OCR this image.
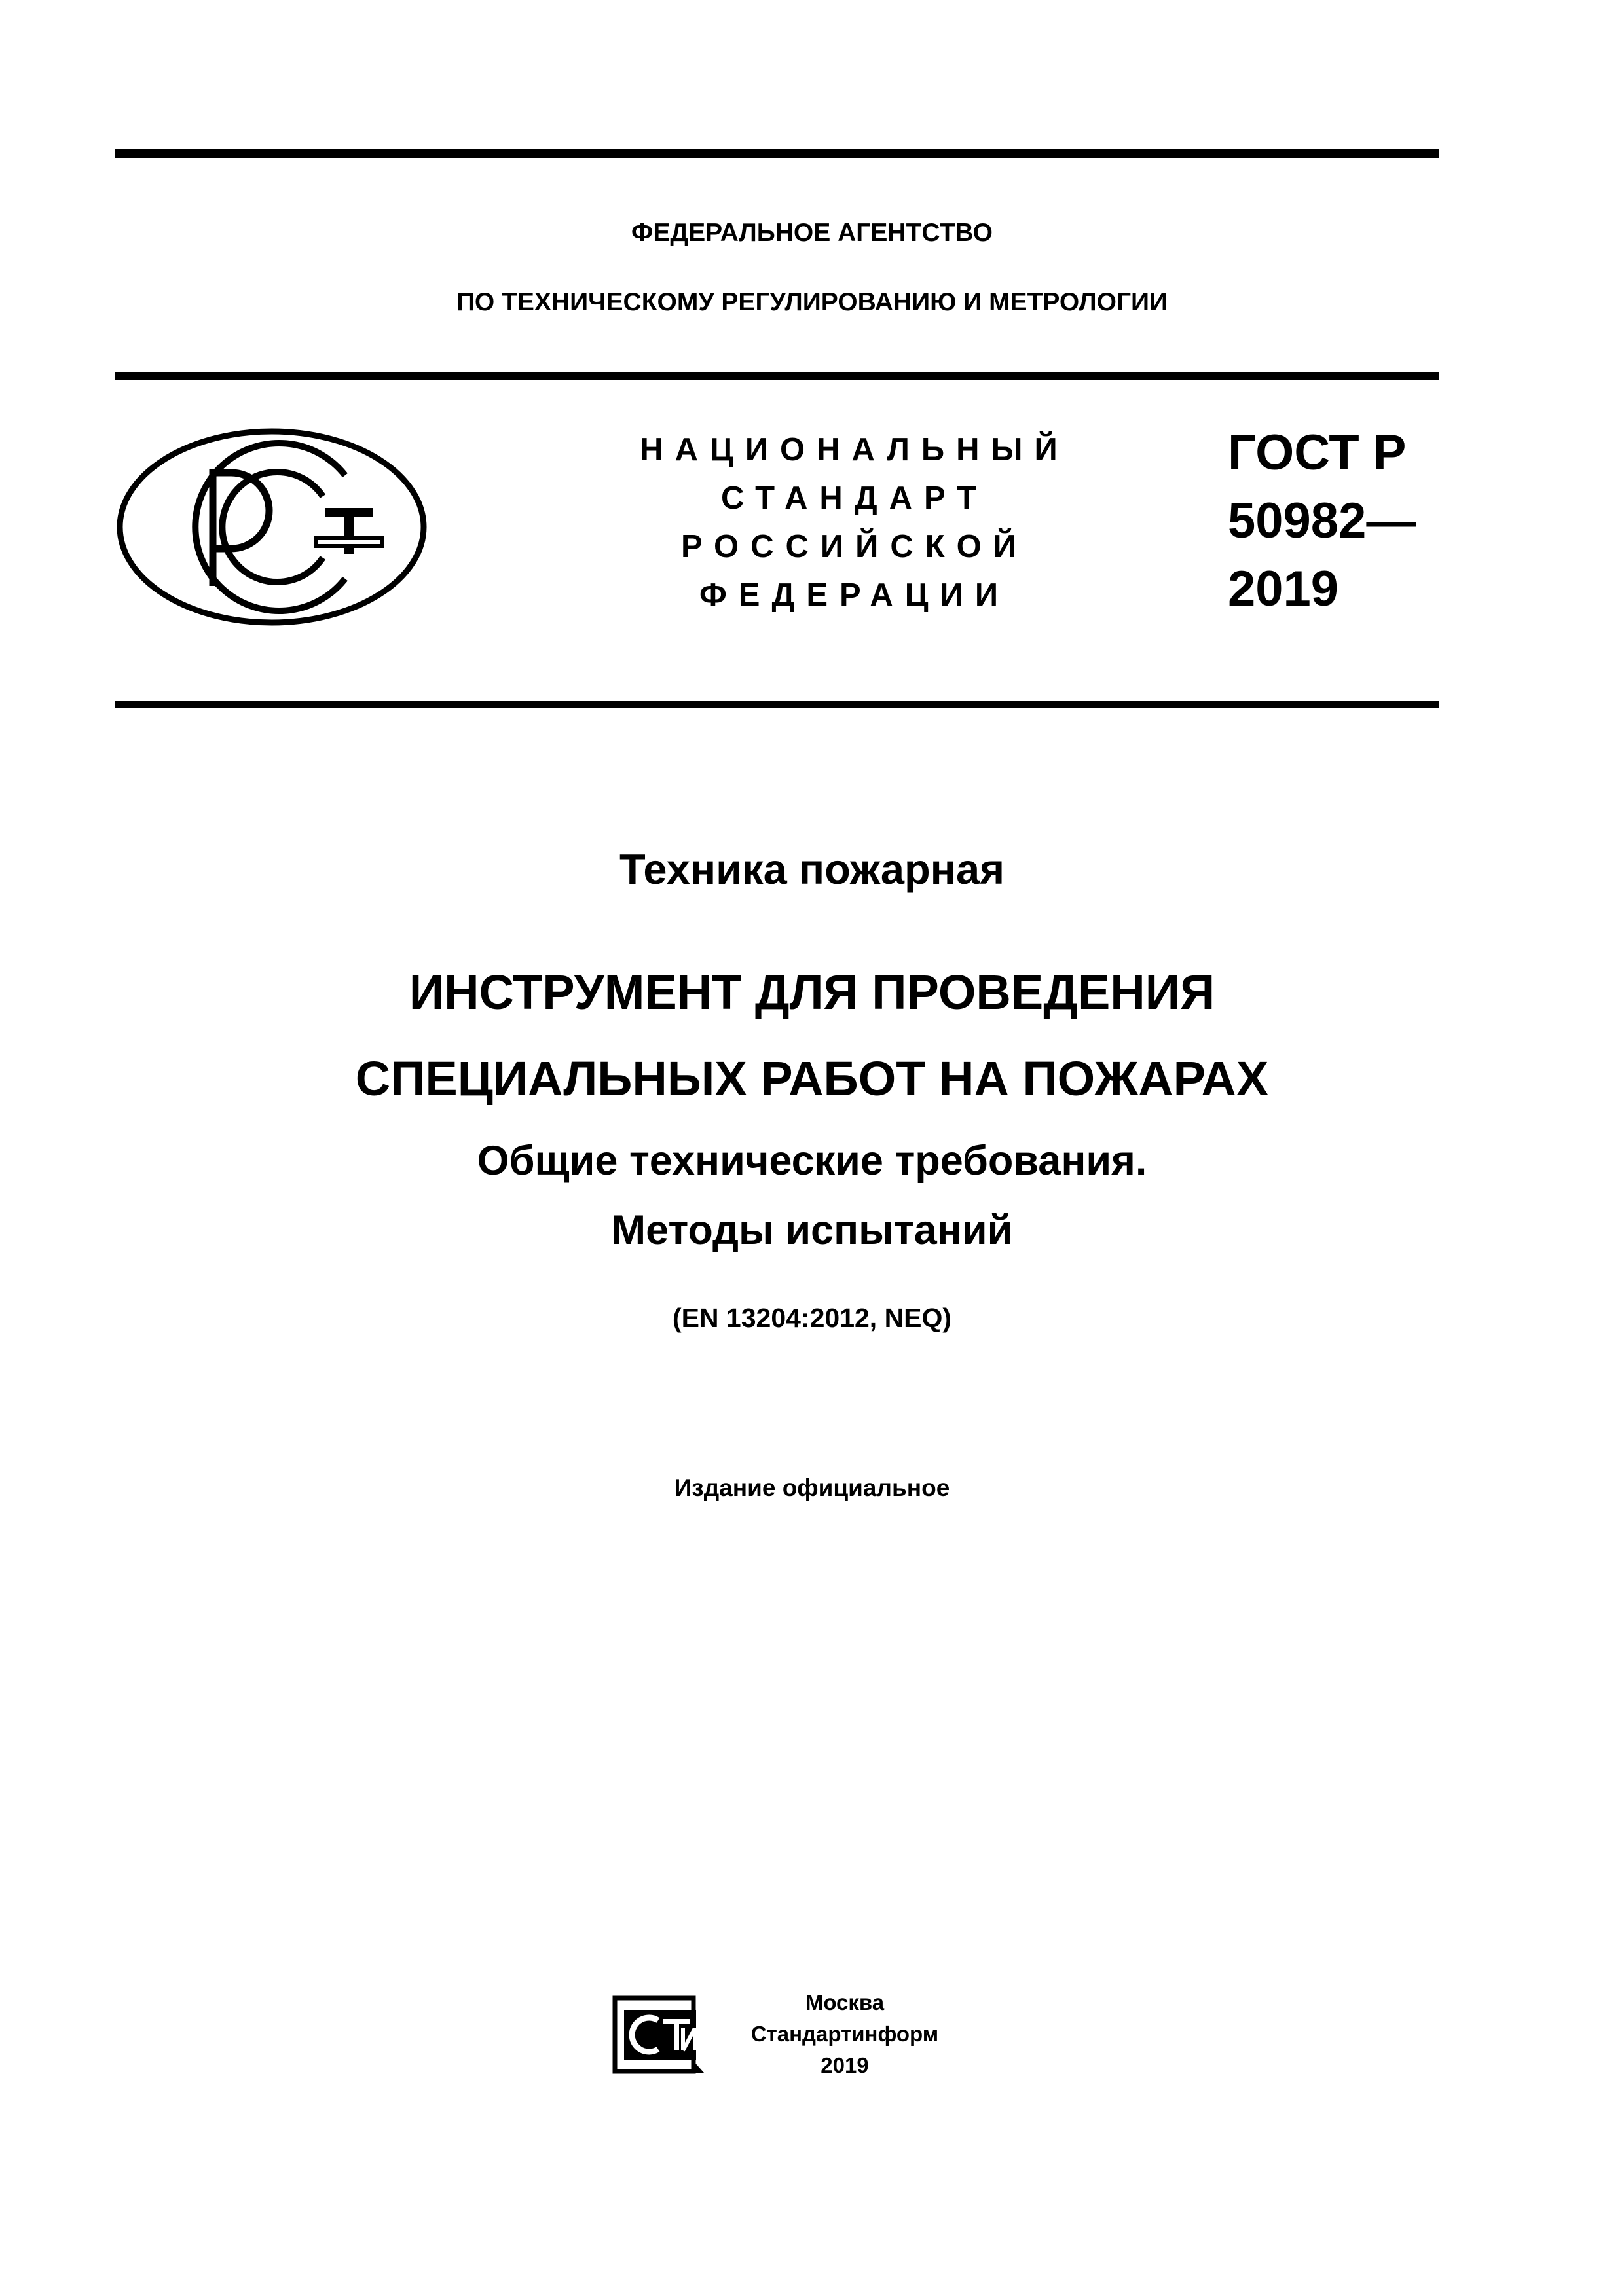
ФЕДЕРАЛЬНОЕ АГЕНТСТВО
ПО ТЕХНИЧЕСКОМУ РЕГУЛИРОВАНИЮ И МЕТРОЛОГИИ
НАЦИОНАЛЬНЫЙ
СТАНДАРТ
РОССИЙСКОЙ
ФЕДЕРАЦИИ
ГОСТ Р
50982—
2019
Техника пожарная
ИНСТРУМЕНТ ДЛЯ ПРОВЕДЕНИЯ
СПЕЦИАЛЬНЫХ РАБОТ НА ПОЖАРАХ
Общие технические требования.
Методы испытаний
(EN 13204:2012, NEQ)
Издание официальное
Москва
Стандартинформ
2019
